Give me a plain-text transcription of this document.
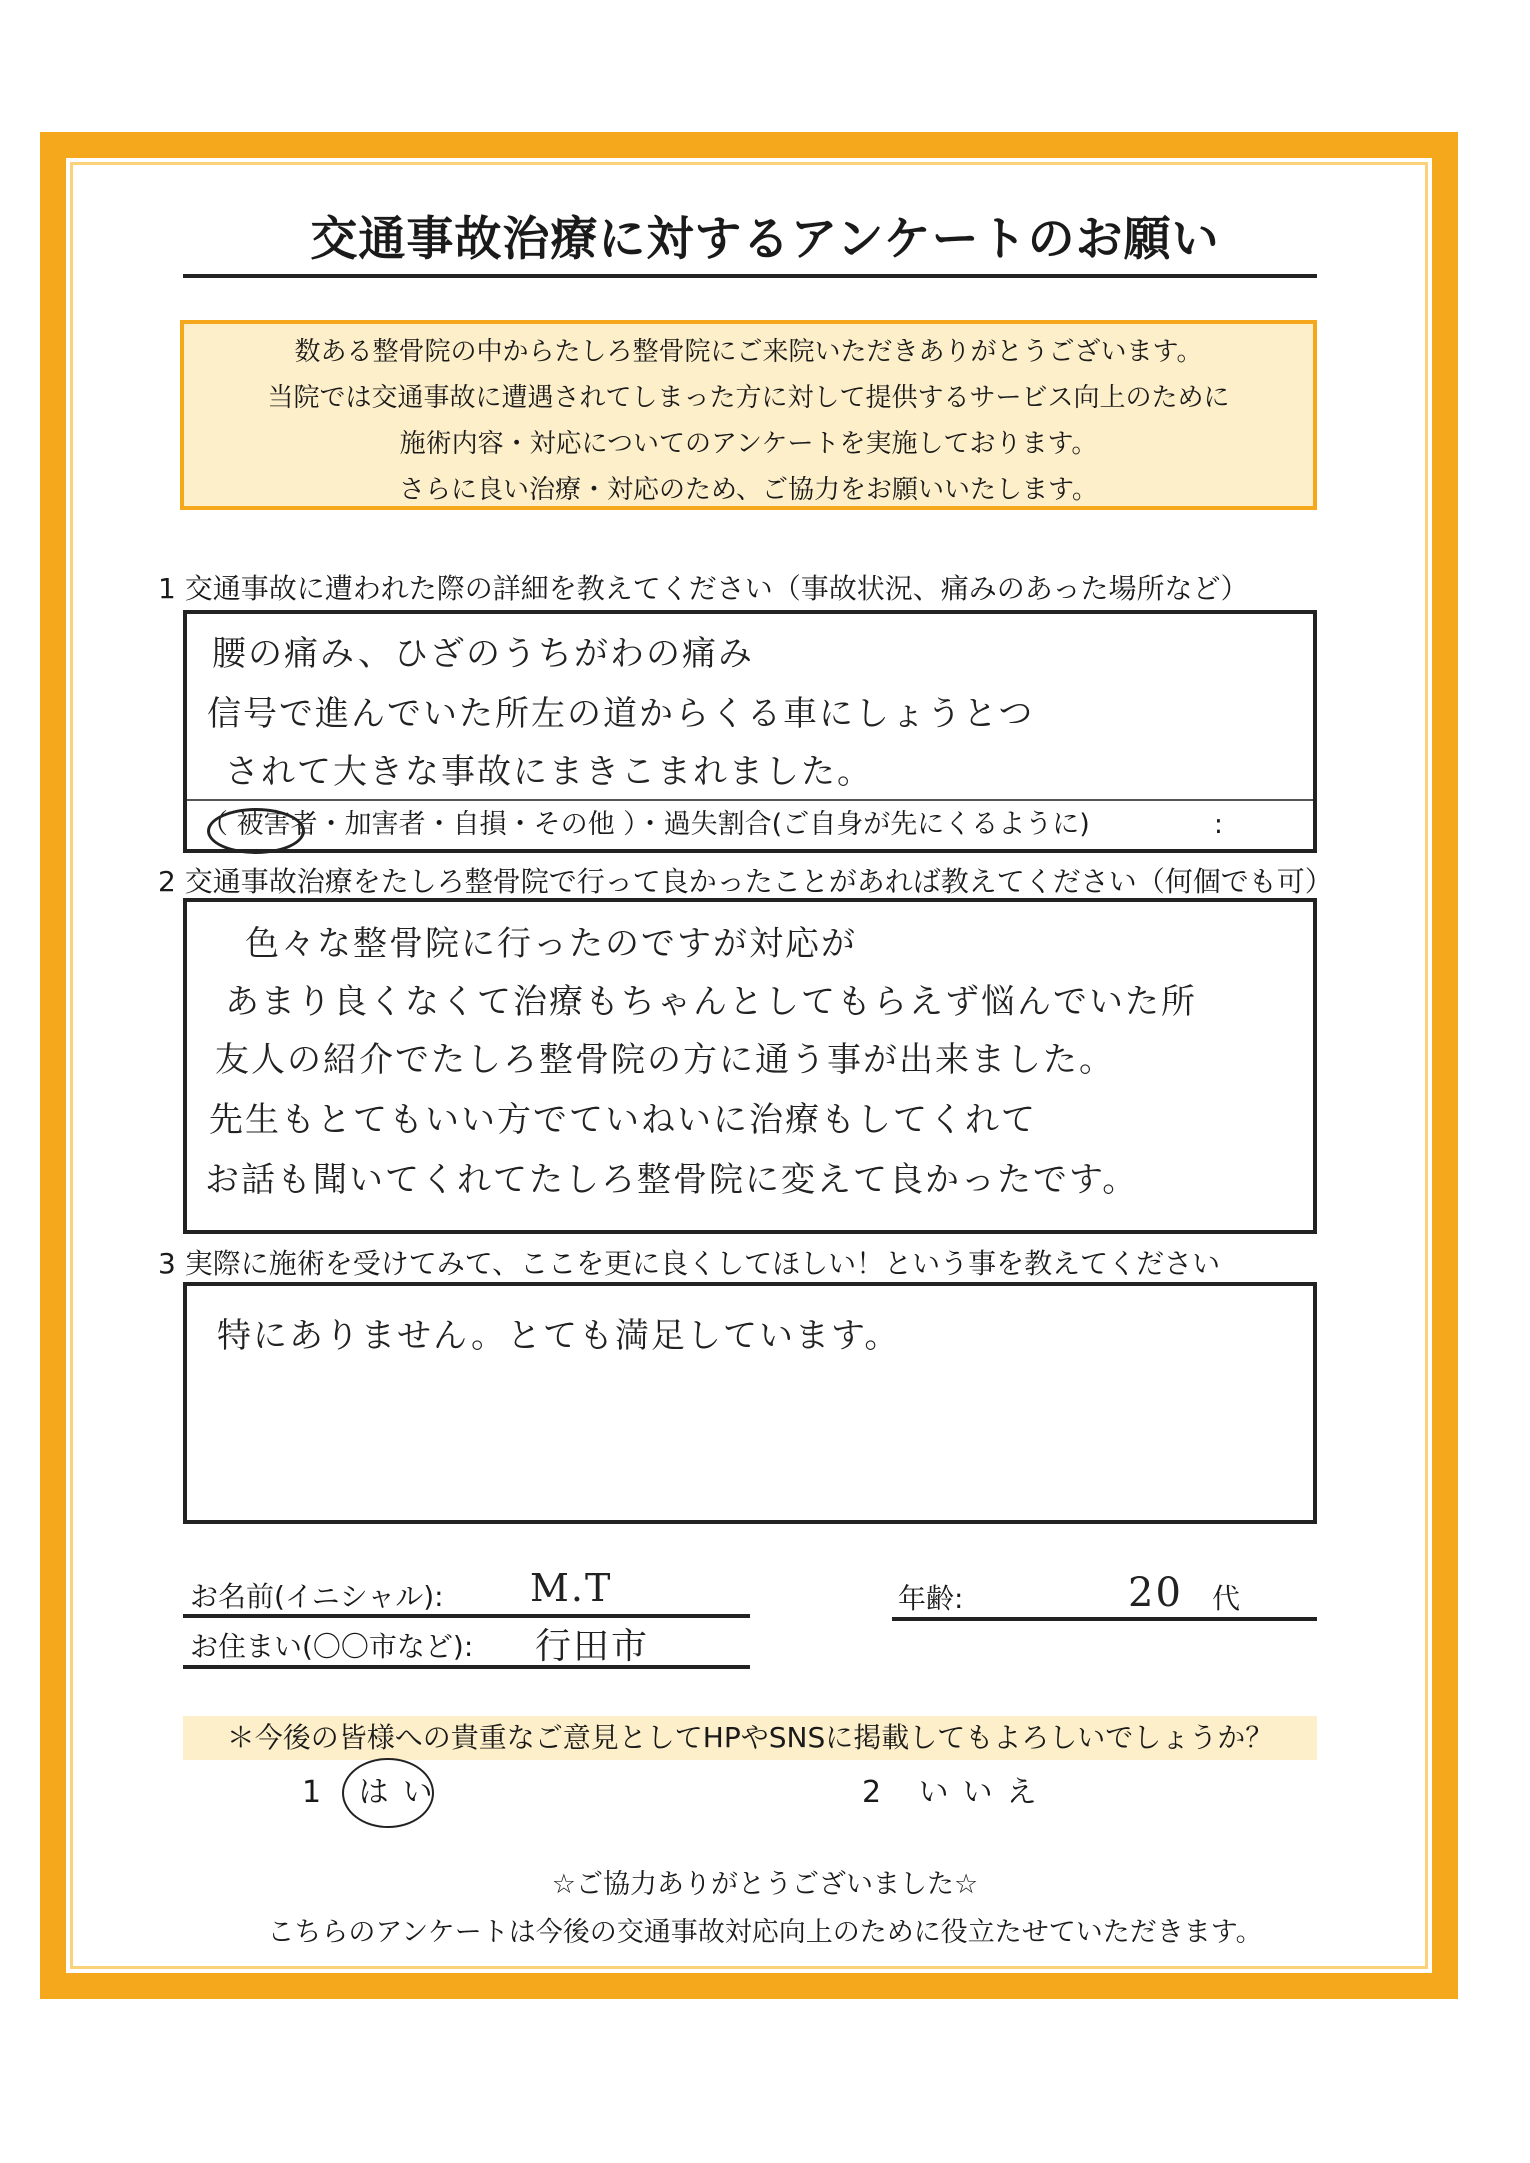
交通事故治療に対するアンケートのお願い
数ある整骨院の中からたしろ整骨院にご来院いただきありがとうございます。
当院では交通事故に遭遇されてしまった方に対して提供するサービス向上のために
施術内容・対応についてのアンケートを実施しております。
さらに良い治療・対応のため、ご協力をお願いいたします。
1 交通事故に遭われた際の詳細を教えてください（事故状況、痛みのあった場所など）
腰の痛み、ひざのうちがわの痛み
信号で進んでいた所左の道からくる車にしょうとつ
されて大きな事故にまきこまれました。
（ 被害者・加害者・自損・その他 ）・過失割合(ご自身が先にくるように)	:
2 交通事故治療をたしろ整骨院で行って良かったことがあれば教えてください（何個でも可）
色々な整骨院に行ったのですが対応が
あまり良くなくて治療もちゃんとしてもらえず悩んでいた所
友人の紹介でたしろ整骨院の方に通う事が出来ました。
先生もとてもいい方でていねいに治療もしてくれて
お話も聞いてくれてたしろ整骨院に変えて良かったです。
3 実際に施術を受けてみて、ここを更に良くしてほしい！という事を教えてください
特にありません。とても満足しています。
お名前(イニシャル): M.T
お住まい(〇〇市など): 行田市
年齢:	20 代
＊今後の皆様への貴重なご意見としてHPやSNSに掲載してもよろしいでしょうか？
1 はい	2 いいえ
☆ご協力ありがとうございました☆
こちらのアンケートは今後の交通事故対応向上のために役立たせていただきます。
